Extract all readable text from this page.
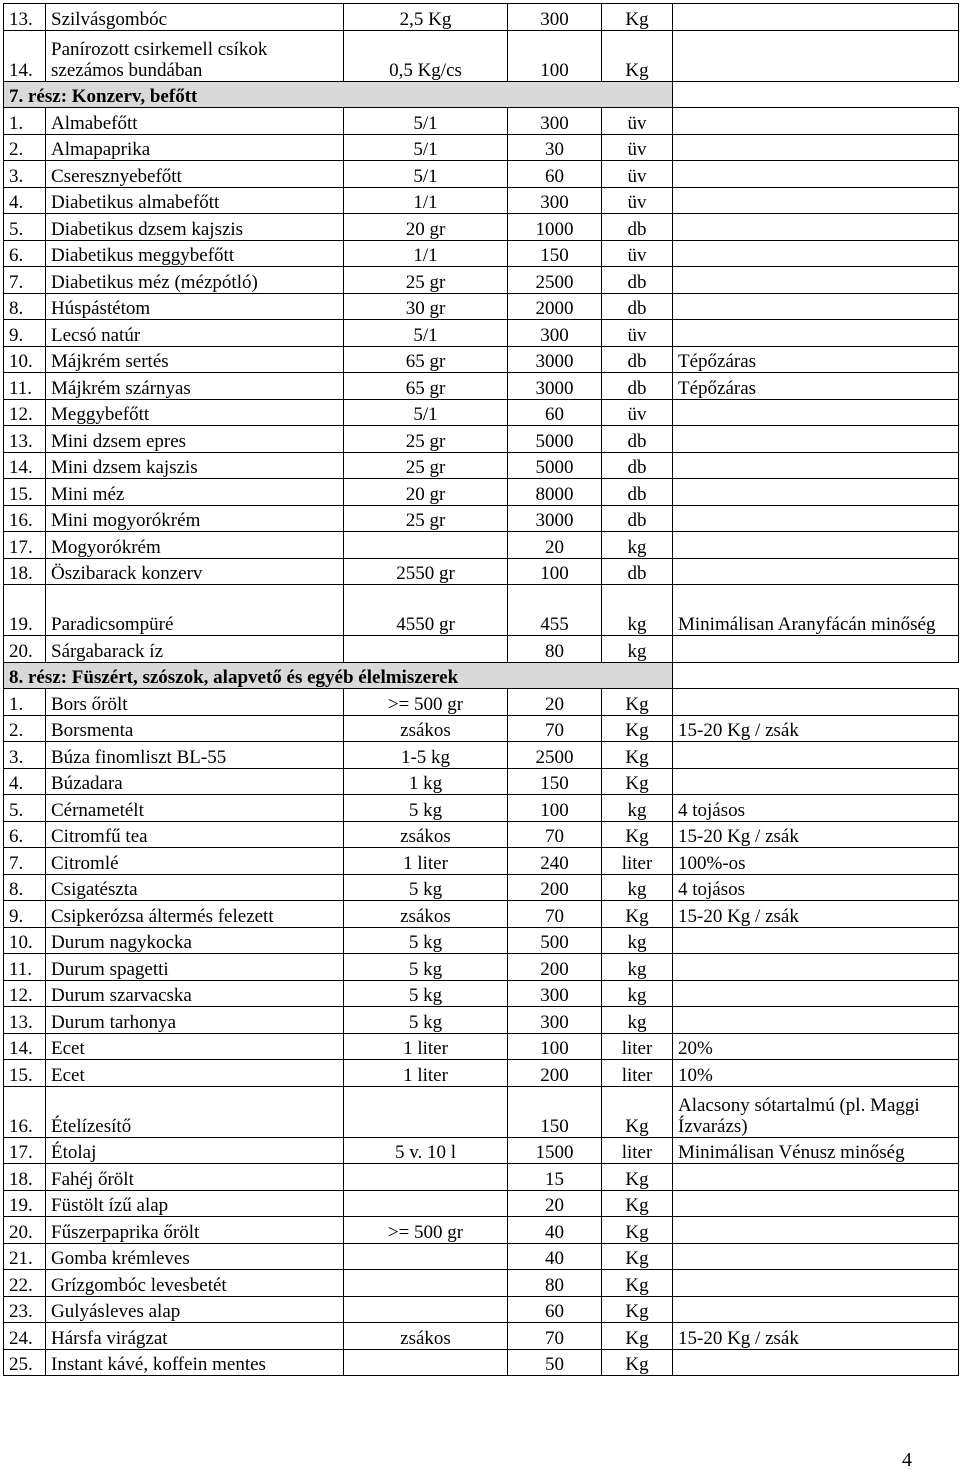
13.	Szilvásgombóc	2,5 Kg	300	Kg	
14.	Panírozott csirkemell csíkok szezámos bundában	0,5 Kg/cs	100	Kg	
7. rész: Konzerv, befőtt					
1.	Almabefőtt	5/1	300	üv	
2.	Almapaprika	5/1	30	üv	
3.	Cseresznyebefőtt	5/1	60	üv	
4.	Diabetikus almabefőtt	1/1	300	üv	
5.	Diabetikus dzsem kajszis	20 gr	1000	db	
6.	Diabetikus meggybefőtt	1/1	150	üv	
7.	Diabetikus méz (mézpótló)	25 gr	2500	db	
8.	Húspástétom	30 gr	2000	db	
9.	Lecsó natúr	5/1	300	üv	
10.	Májkrém sertés	65 gr	3000	db	Tépőzáras
11.	Májkrém szárnyas	65 gr	3000	db	Tépőzáras
12.	Meggybefőtt	5/1	60	üv	
13.	Mini dzsem epres	25 gr	5000	db	
14.	Mini dzsem kajszis	25 gr	5000	db	
15.	Mini méz	20 gr	8000	db	
16.	Mini mogyorókrém	25 gr	3000	db	
17.	Mogyorókrém		20	kg	
18.	Öszibarack konzerv	2550 gr	100	db	
19.	Paradicsompüré	4550 gr	455	kg	Minimálisan Aranyfácán minőség
20.	Sárgabarack íz		80	kg	
8. rész: Füszért, szószok, alapvető és egyéb élelmiszerek					
1.	Bors őrölt	>= 500 gr	20	Kg	
2.	Borsmenta	zsákos	70	Kg	15-20 Kg / zsák
3.	Búza finomliszt BL-55	1-5 kg	2500	Kg	
4.	Búzadara	1 kg	150	Kg	
5.	Cérnametélt	5 kg	100	kg	4 tojásos
6.	Citromfű tea	zsákos	70	Kg	15-20 Kg / zsák
7.	Citromlé	1 liter	240	liter	100%-os
8.	Csigatészta	5 kg	200	kg	4 tojásos
9.	Csipkerózsa áltermés felezett	zsákos	70	Kg	15-20 Kg / zsák
10.	Durum nagykocka	5 kg	500	kg	
11.	Durum spagetti	5 kg	200	kg	
12.	Durum szarvacska	5 kg	300	kg	
13.	Durum tarhonya	5 kg	300	kg	
14.	Ecet	1 liter	100	liter	20%
15.	Ecet	1 liter	200	liter	10%
16.	Ételízesítő		150	Kg	Alacsony sótartalmú (pl. Maggi Ízvarázs)
17.	Étolaj	5 v. 10 l	1500	liter	Minimálisan Vénusz minőség
18.	Fahéj őrölt		15	Kg	
19.	Füstölt ízű alap		20	Kg	
20.	Fűszerpaprika őrölt	>= 500 gr	40	Kg	
21.	Gomba krémleves		40	Kg	
22.	Grízgombóc levesbetét		80	Kg	
23.	Gulyásleves alap		60	Kg	
24.	Hársfa virágzat	zsákos	70	Kg	15-20 Kg / zsák
25.	Instant kávé, koffein mentes		50	Kg	
4
